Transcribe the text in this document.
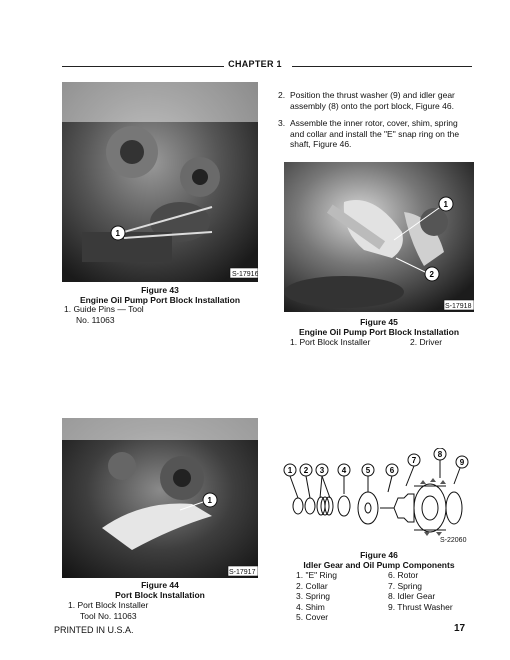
CHAPTER 1
S-17916
1
Figure 43
Engine Oil Pump Port Block Installation
1. Guide Pins — Tool
No. 11063

2. Position the thrust washer (9) and idler gear assembly (8) onto the port block, Figure 46.

3. Assemble the inner rotor, cover, shim, spring and collar and install the "E" snap ring on the shaft, Figure 46.

S-17918
1
2
Figure 45
Engine Oil Pump Port Block Installation
1. Port Block Installer	2. Driver
S-17917
1
Figure 44
Port Block Installation
1. Port Block Installer
Tool No. 11063
1 2 3 4 5 6
7
8
9
S-22060
Figure 46
Idler Gear and Oil Pump Components
1. "E" Ring
2. Collar
3. Spring
4. Shim
5. Cover
6. Rotor
7. Spring
8. Idler Gear
9. Thrust Washer
PRINTED IN U.S.A.	17
